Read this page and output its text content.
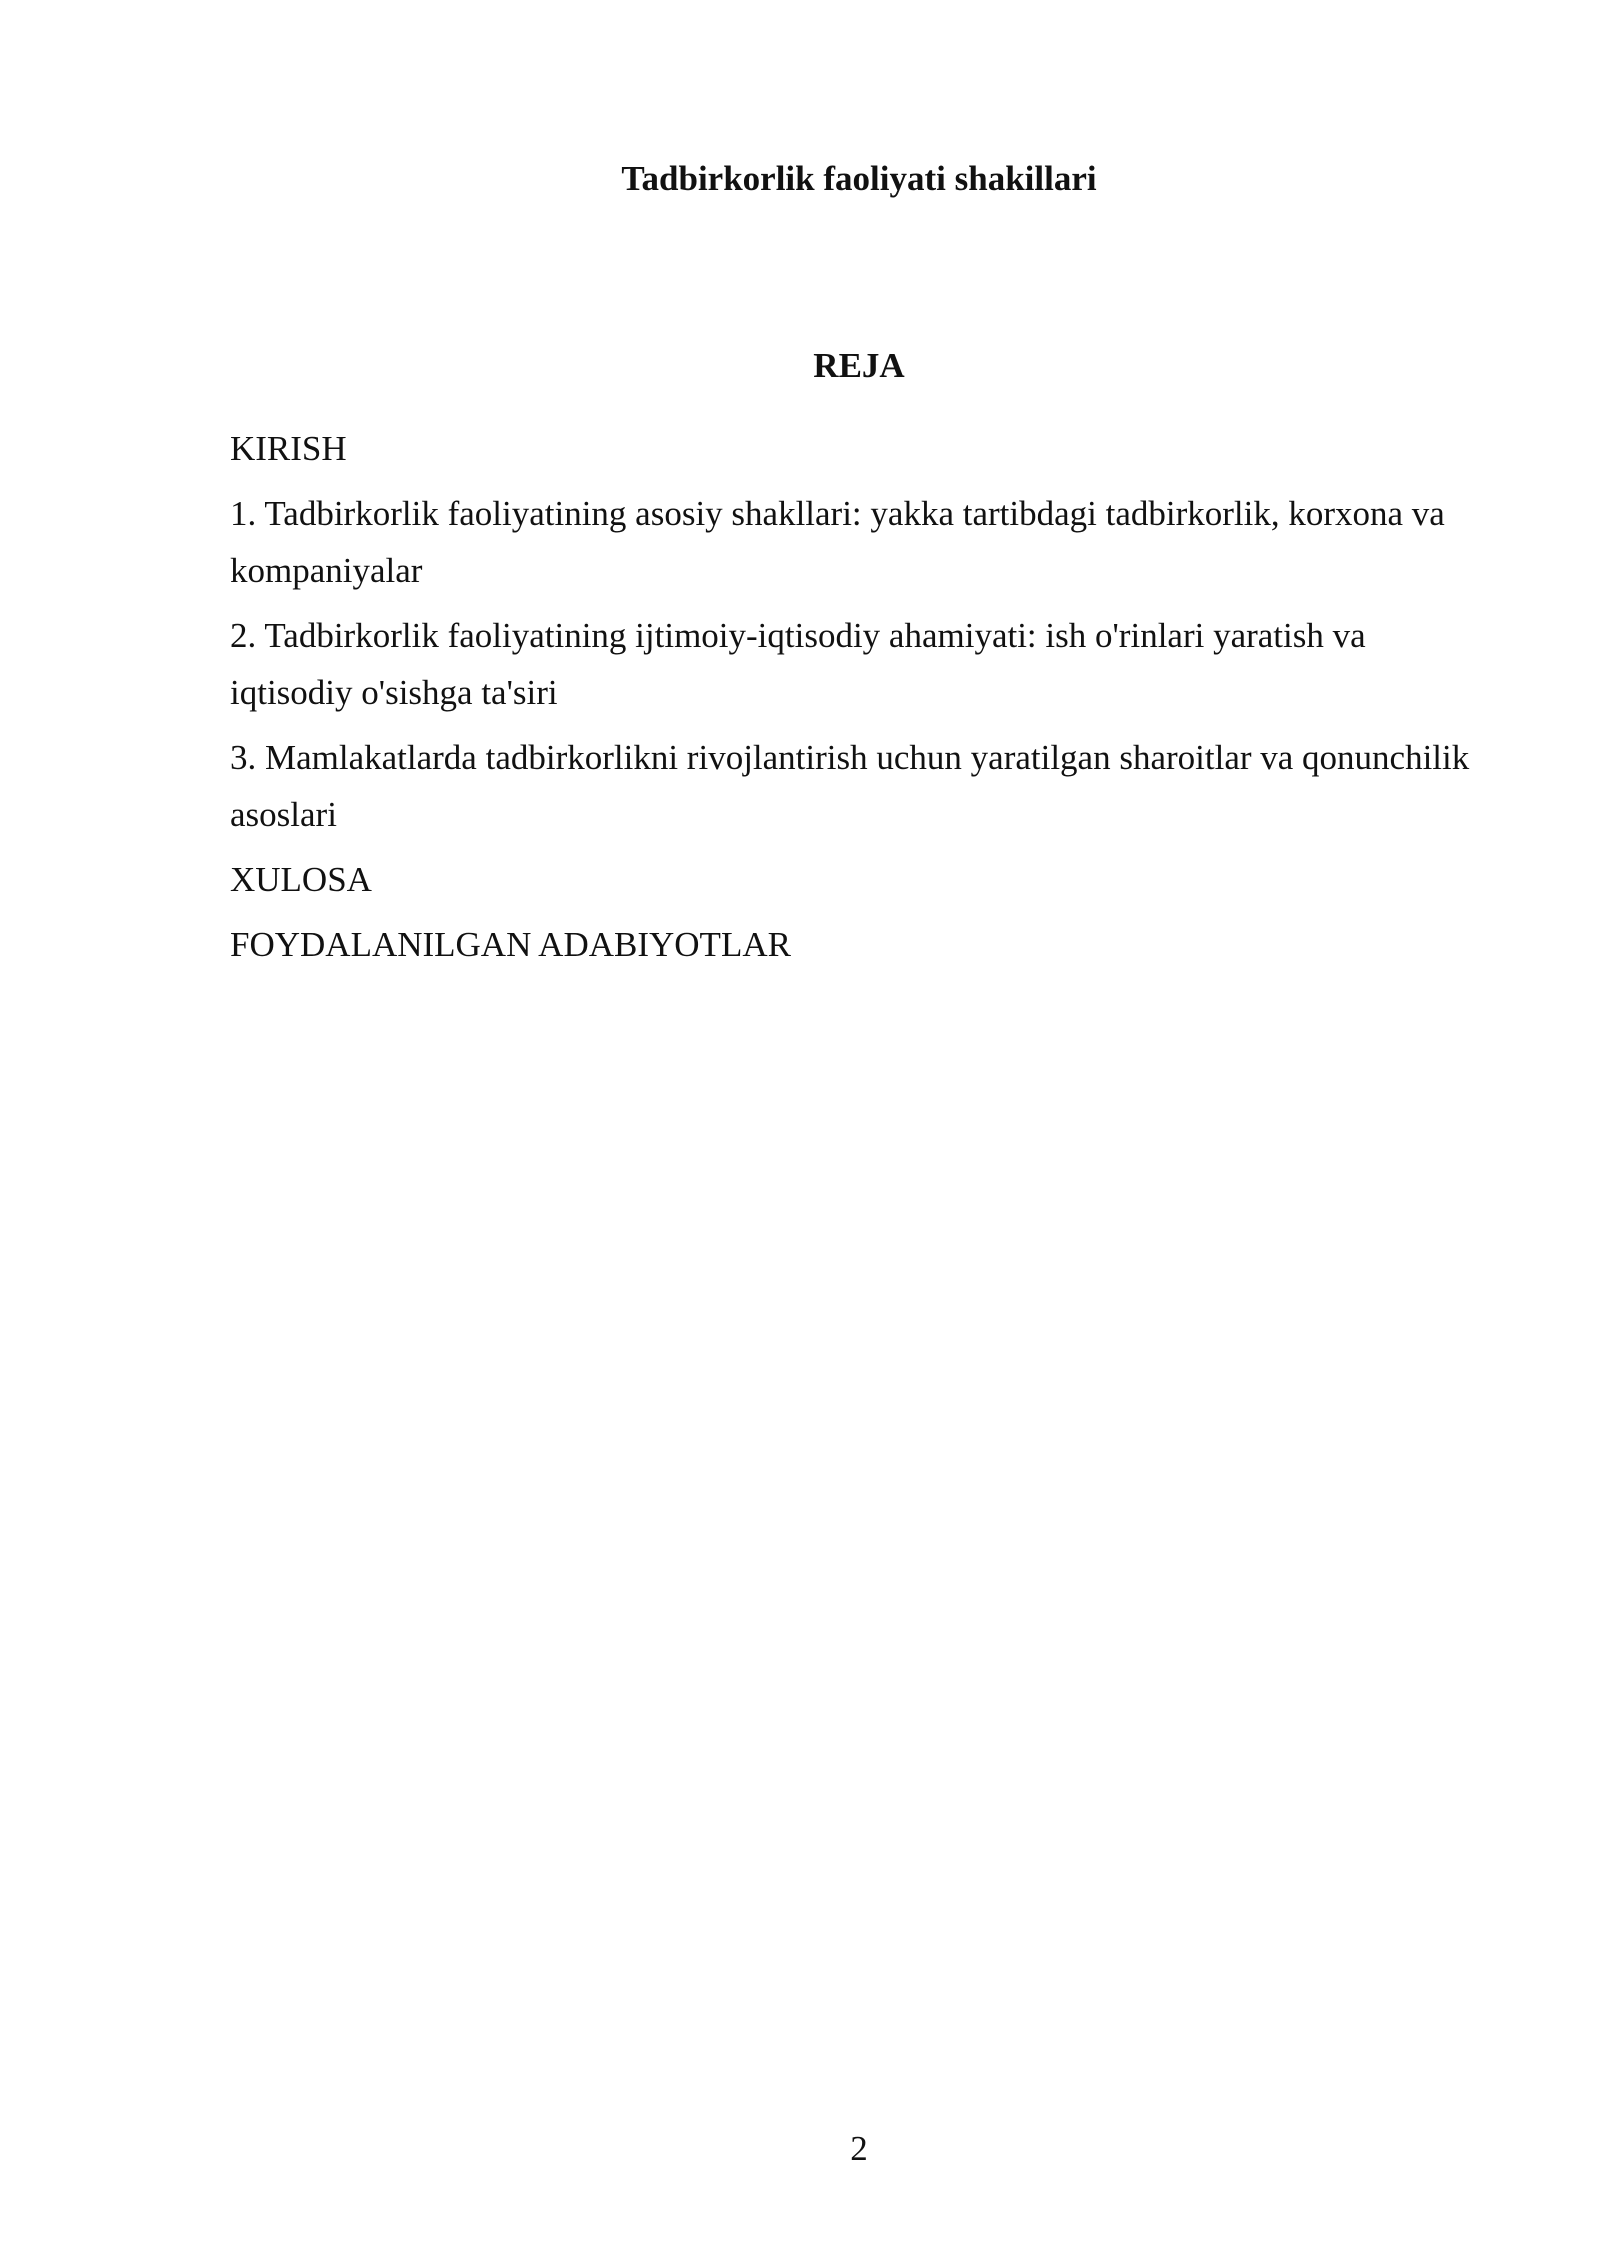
Tadbirkorlik faoliyati shakillari
REJA
KIRISH
1. Tadbirkorlik faoliyatining asosiy shakllari: yakka tartibdagi tadbirkorlik, korxona va kompaniyalar
2. Tadbirkorlik faoliyatining ijtimoiy-iqtisodiy ahamiyati: ish o'rinlari yaratish va iqtisodiy o'sishga ta'siri
3. Mamlakatlarda tadbirkorlikni rivojlantirish uchun yaratilgan sharoitlar va qonunchilik asoslari
XULOSA
FOYDALANILGAN ADABIYOTLAR
2
